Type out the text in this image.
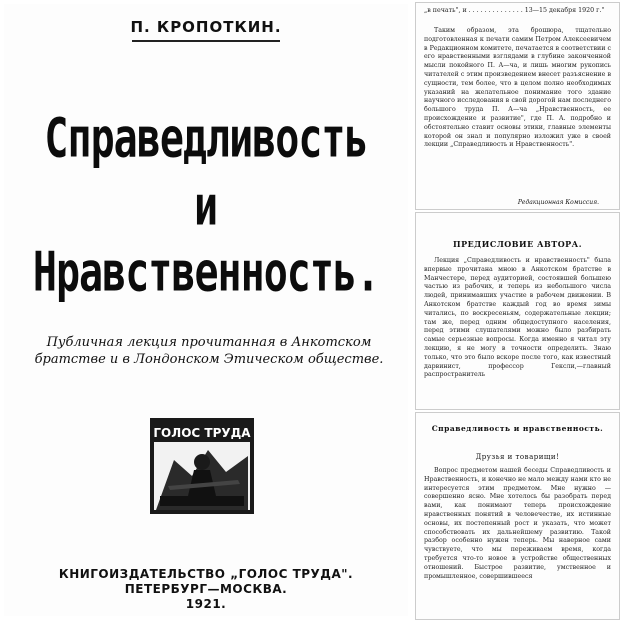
П. КРОПОТКИН.
Справедливость
и
Нравственность.
Публичная лекция прочитанная в Анкотском братстве и в Лондонском Этическом обществе.
ГОЛОС ТРУДА
КНИГОИЗДАТЕЛЬСТВО „ГОЛОС ТРУДА".
ПЕТЕРБУРГ—МОСКВА.
1921.
„в печать", и . . . . . . . . . . . . . . 13—15 декабря 1920 г."
Таким образом, эта брошюра, тщательно подготовленная к печати самим Петром Алексеевичем в Редакционном комитете, печатается в соответствии с его нравственными взглядами в глубине законченной мысли покойного П. А—ча, и лишь многим рукопись читателей с этим произведением внесет разъяснение в сущности, тем более, что в целом полно необходимых указаний на желательное понимание того здание научного исследования в свой дорогой нам последнего большого труда П. А—ча „Нравственность, ее происхождение и развитие", где П. А. подробно и обстоятельно ставит основы этики, главные элементы которой он знал и популярно изложил уже в своей лекции „Справедливость и Нравственность".
Редакционная Комиссия.
ПРЕДИСЛОВИЕ АВТОРА.
Лекция „Справедливость и нравственность" была впервые прочитана мною в Анкотском братстве в Манчестере, перед аудиторией, состоявшей большею частью из рабочих, и теперь из небольшого числа людей, принимавших участие в рабочем движении. В Анкотском братстве каждый год во время зимы читались, по воскресеньям, содержательные лекции; там же, перед одним общедоступного населения, перед этими слушателями можно было разбирать самые серьезные вопросы. Когда именно я читал эту лекцию, я не могу в точности определить. Знаю только, что это было вскоре после того, как известный дарвинист, профессор Гексли,—главный распространитель
Справедливость и нравственность.
Друзья и товарищи!
Вопрос предметом нашей беседы Справедливость и Нравственность, и конечно не мало между нами кто не интересуется этим предметом. Мне нужно — совершенно ясно. Мне хотелось бы разобрать перед вами, как понимают теперь происхождение нравственных понятий в человечестве, их истинные основы, их постепенный рост и указать, что может способствовать их дальнейшему развитию. Такой разбор особенно нужен теперь. Мы наверное сами чувствуете, что мы переживаем время, когда требуется что-то новое в устройстве общественных отношений. Быстрое развитие, умственное и промышленное, совершившееся
